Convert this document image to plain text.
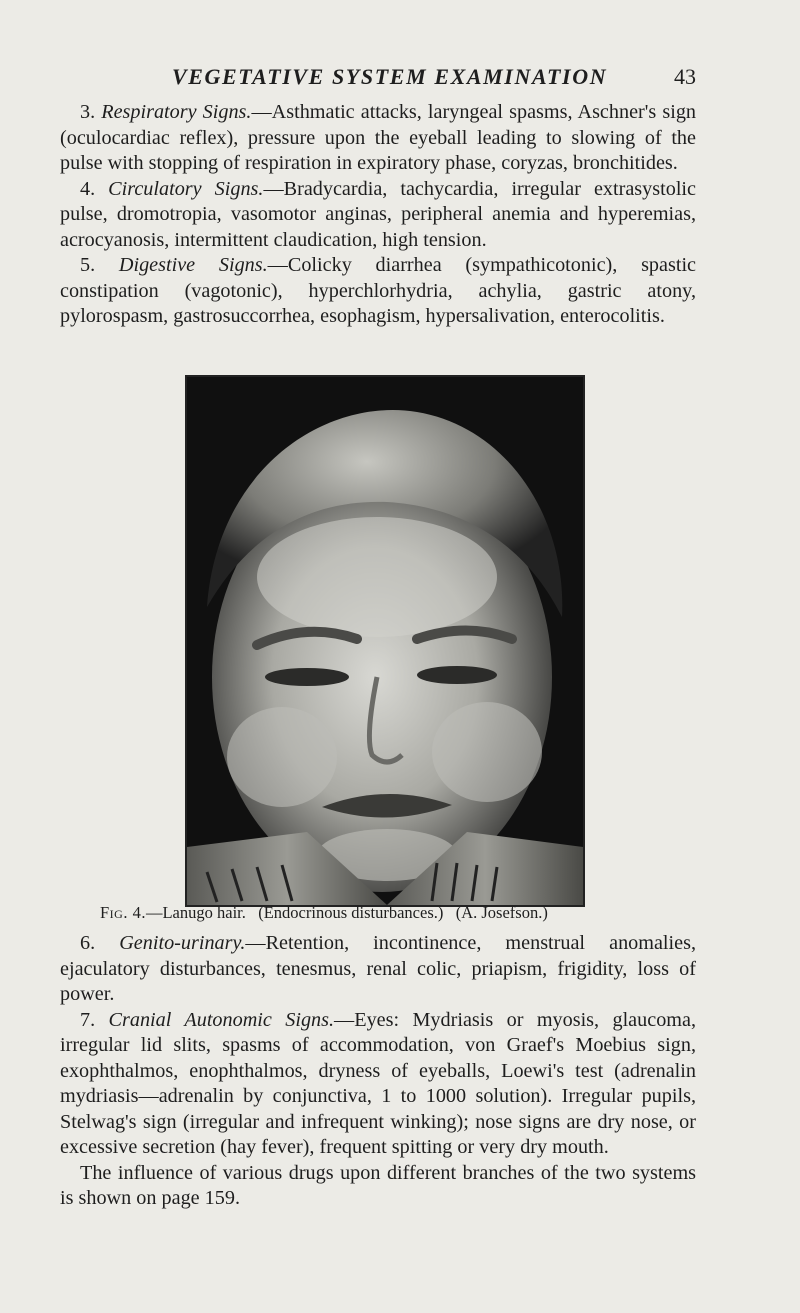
VEGETATIVE SYSTEM EXAMINATION	43

3. Respiratory Signs.—Asthmatic attacks, laryngeal spasms, Aschner's sign (oculocardiac reflex), pressure upon the eyeball leading to slowing of the pulse with stopping of respiration in expiratory phase, coryzas, bronchitides.

4. Circulatory Signs.—Bradycardia, tachycardia, irregular extrasystolic pulse, dromotropia, vasomotor anginas, peripheral anemia and hyperemias, acrocyanosis, intermittent claudication, high tension.

5. Digestive Signs.—Colicky diarrhea (sympathicotonic), spastic constipation (vagotonic), hyperchlorhydria, achylia, gastric atony, pylorospasm, gastrosuccorrhea, esophagism, hypersalivation, enterocolitis.

Fig. 4.—Lanugo hair.   (Endocrinous disturbances.)   (A. Josefson.)

6. Genito-urinary.—Retention, incontinence, menstrual anomalies, ejaculatory disturbances, tenesmus, renal colic, priapism, frigidity, loss of power.

7. Cranial Autonomic Signs.—Eyes: Mydriasis or myosis, glaucoma, irregular lid slits, spasms of accommodation, von Graef's Moebius sign, exophthalmos, enophthalmos, dryness of eyeballs, Loewi's test (adrenalin mydriasis—adrenalin by conjunctiva, 1 to 1000 solution). Irregular pupils, Stelwag's sign (irregular and infrequent winking); nose signs are dry nose, or excessive secretion (hay fever), frequent spitting or very dry mouth.

The influence of various drugs upon different branches of the two systems is shown on page 159.
